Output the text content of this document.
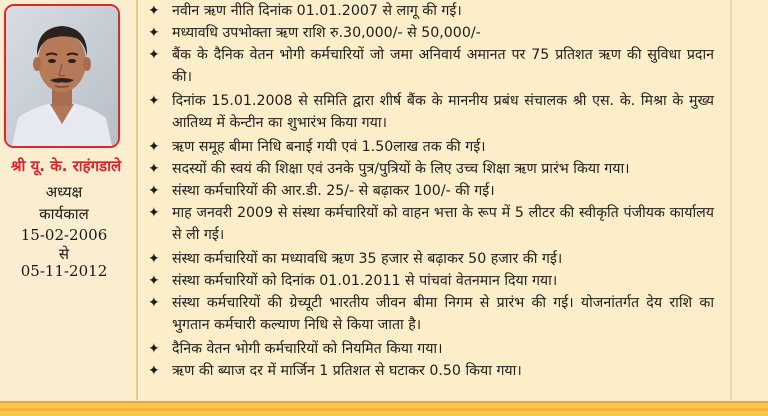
श्री यू. के. राहंगडाले
अध्यक्ष
कार्यकाल
15-02-2006
से
05-11-2012
✦ नवीन ऋण नीति दिनांक 01.01.2007 से लागू की गई।
✦ मध्यावधि उपभोक्ता ऋण राशि रु.30,000/- से 50,000/-
✦ बैंक के दैनिक वेतन भोगी कर्मचारियों जो जमा अनिवार्य अमानत पर 75 प्रतिशत ऋण की सुविधा प्रदान की।
✦ दिनांक 15.01.2008 से समिति द्वारा शीर्ष बैंक के माननीय प्रबंध संचालक श्री एस. के. मिश्रा के मुख्य आतिथ्य में केन्टीन का शुभारंभ किया गया।
✦ ऋण समूह बीमा निधि बनाई गयी एवं 1.50लाख तक की गई।
✦ सदस्यों की स्वयं की शिक्षा एवं उनके पुत्र/पुत्रियों के लिए उच्च शिक्षा ऋण प्रारंभ किया गया।
✦ संस्था कर्मचारियों की आर.डी. 25/- से बढ़ाकर 100/- की गई।
✦ माह जनवरी 2009 से संस्था कर्मचारियों को वाहन भत्ता के रूप में 5 लीटर की स्वीकृति पंजीयक कार्यालय से ली गई।
✦ संस्था कर्मचारियों का मध्यावधि ऋण 35 हजार से बढ़ाकर 50 हजार की गई।
✦ संस्था कर्मचारियों को दिनांक 01.01.2011 से पांचवां वेतनमान दिया गया।
✦ संस्था कर्मचारियों की ग्रेच्यूटी भारतीय जीवन बीमा निगम से प्रारंभ की गई। योजनांतर्गत देय राशि का भुगतान कर्मचारी कल्याण निधि से किया जाता है।
✦ दैनिक वेतन भोगी कर्मचारियों को नियमित किया गया।
✦ ऋण की ब्याज दर में मार्जिन 1 प्रतिशत से घटाकर 0.50 किया गया।
